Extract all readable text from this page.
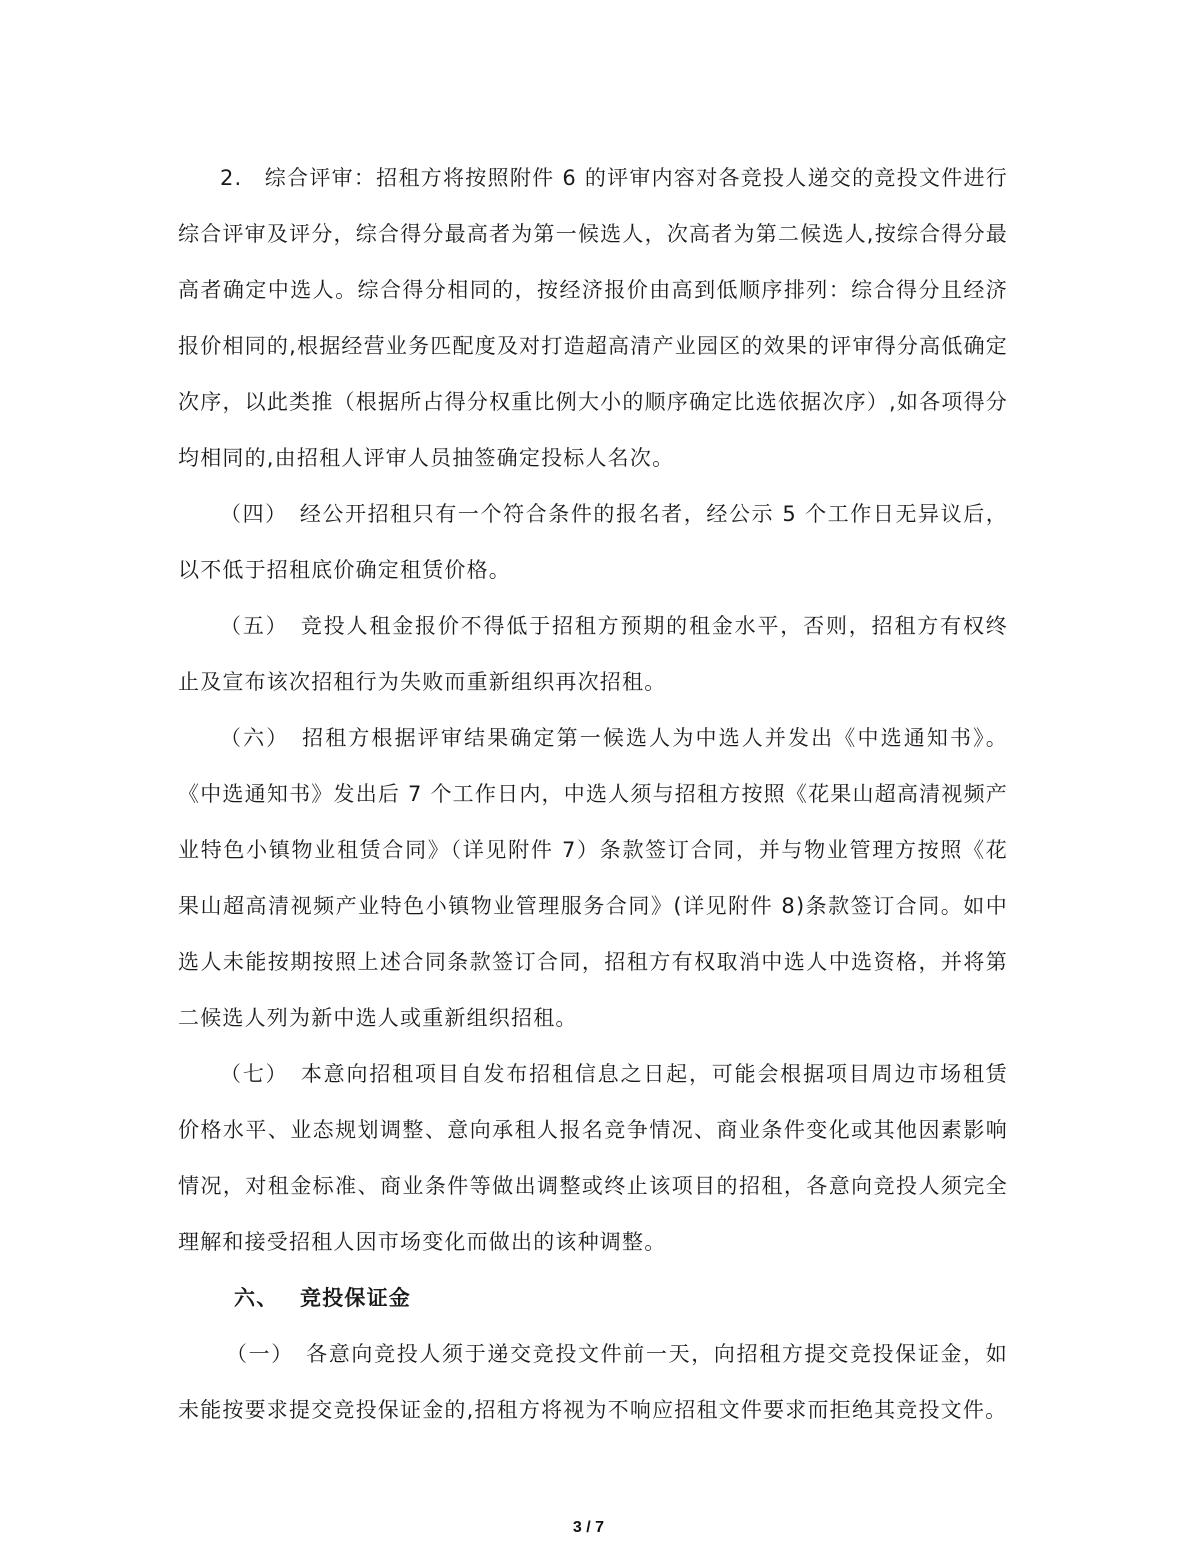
2.　综合评审：招租方将按照附件 6 的评审内容对各竞投人递交的竞投文件进行综合评审及评分，综合得分最高者为第一候选人，次高者为第二候选人,按综合得分最高者确定中选人。综合得分相同的，按经济报价由高到低顺序排列：综合得分且经济报价相同的,根据经营业务匹配度及对打造超高清产业园区的效果的评审得分高低确定次序，以此类推（根据所占得分权重比例大小的顺序确定比选依据次序）,如各项得分均相同的,由招租人评审人员抽签确定投标人名次。

（四）　经公开招租只有一个符合条件的报名者，经公示 5 个工作日无异议后，以不低于招租底价确定租赁价格。

（五）　竞投人租金报价不得低于招租方预期的租金水平，否则，招租方有权终止及宣布该次招租行为失败而重新组织再次招租。

（六）　招租方根据评审结果确定第一候选人为中选人并发出《中选通知书》。《中选通知书》发出后 7 个工作日内，中选人须与招租方按照《花果山超高清视频产业特色小镇物业租赁合同》（详见附件 7）条款签订合同，并与物业管理方按照《花果山超高清视频产业特色小镇物业管理服务合同》(详见附件 8)条款签订合同。如中选人未能按期按照上述合同条款签订合同，招租方有权取消中选人中选资格，并将第二候选人列为新中选人或重新组织招租。

（七）　本意向招租项目自发布招租信息之日起，可能会根据项目周边市场租赁价格水平、业态规划调整、意向承租人报名竞争情况、商业条件变化或其他因素影响情况，对租金标准、商业条件等做出调整或终止该项目的招租，各意向竞投人须完全理解和接受招租人因市场变化而做出的该种调整。

六、 竞投保证金

（一）　各意向竞投人须于递交竞投文件前一天，向招租方提交竞投保证金，如未能按要求提交竞投保证金的,招租方将视为不响应招租文件要求而拒绝其竞投文件。

3 / 7
